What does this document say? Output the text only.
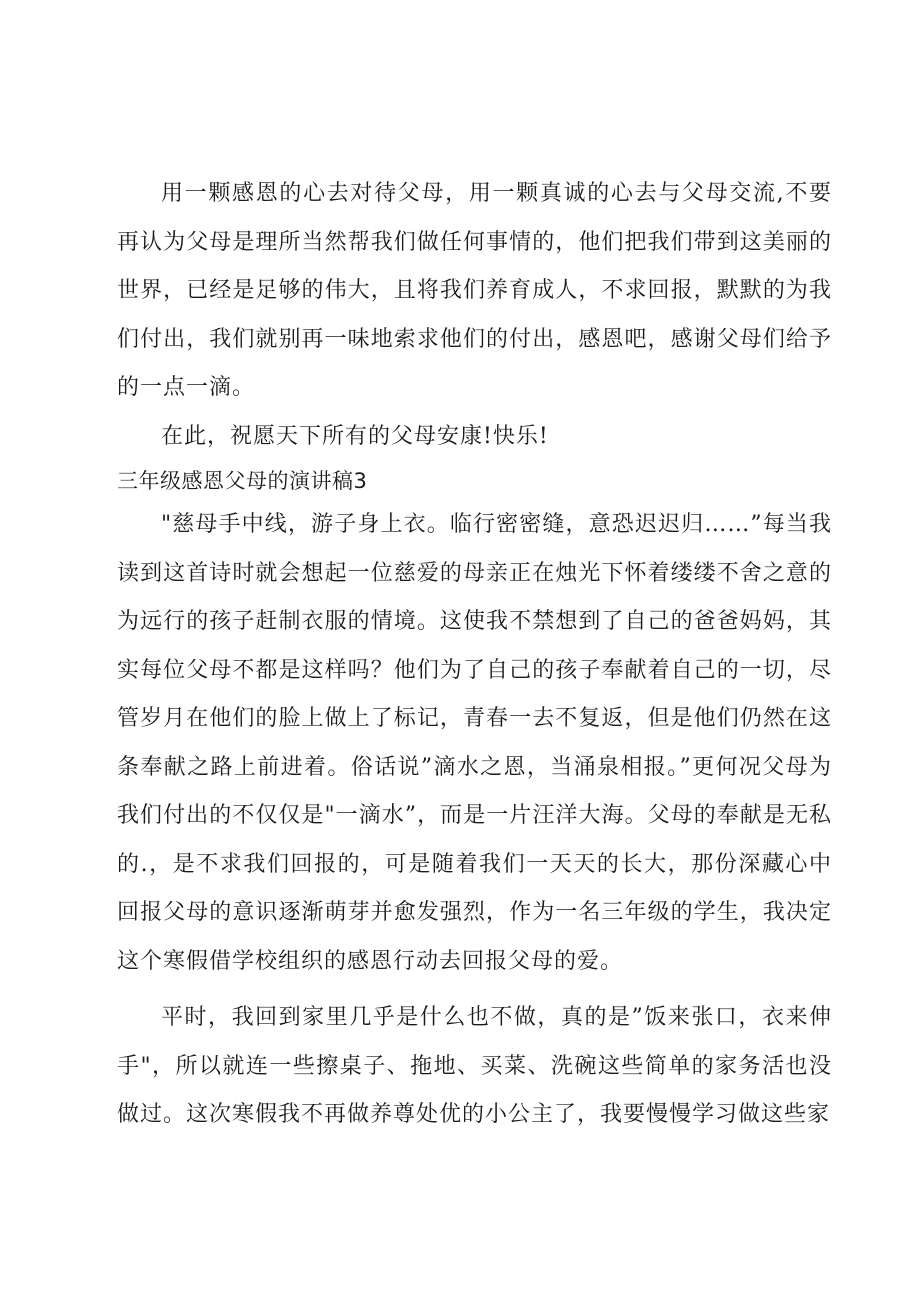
用一颗感恩的心去对待父母，用一颗真诚的心去与父母交流,不要再认为父母是理所当然帮我们做任何事情的，他们把我们带到这美丽的世界，已经是足够的伟大，且将我们养育成人，不求回报，默默的为我们付出，我们就别再一味地索求他们的付出，感恩吧，感谢父母们给予的一点一滴。

在此，祝愿天下所有的父母安康!快乐!

三年级感恩父母的演讲稿3

"慈母手中线，游子身上衣。临行密密缝，意恐迟迟归……”每当我读到这首诗时就会想起一位慈爱的母亲正在烛光下怀着缕缕不舍之意的为远行的孩子赶制衣服的情境。这使我不禁想到了自己的爸爸妈妈，其实每位父母不都是这样吗？他们为了自己的孩子奉献着自己的一切，尽管岁月在他们的脸上做上了标记，青春一去不复返，但是他们仍然在这条奉献之路上前进着。俗话说”滴水之恩，当涌泉相报。”更何况父母为我们付出的不仅仅是"一滴水”，而是一片汪洋大海。父母的奉献是无私的.，是不求我们回报的，可是随着我们一天天的长大，那份深藏心中回报父母的意识逐渐萌芽并愈发强烈，作为一名三年级的学生，我决定这个寒假借学校组织的感恩行动去回报父母的爱。

平时，我回到家里几乎是什么也不做，真的是”饭来张口，衣来伸手"，所以就连一些擦桌子、拖地、买菜、洗碗这些简单的家务活也没做过。这次寒假我不再做养尊处优的小公主了，我要慢慢学习做这些家
